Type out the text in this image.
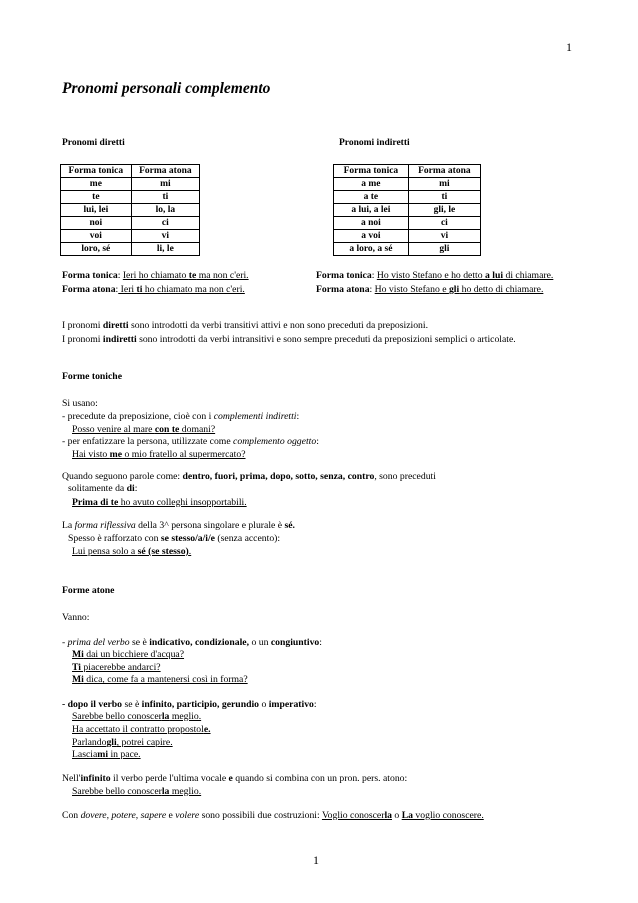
1
Pronomi personali complemento
Pronomi diretti	Pronomi indiretti
Forma tonica	Forma atona
me	mi
te	ti
lui, lei	lo, la
noi	ci
voi	vi
loro, sé	li, le
Forma tonica	Forma atona
a me	mi
a te	ti
a lui, a lei	gli, le
a noi	ci
a voi	vi
a loro, a sé	gli
Forma tonica: Ieri ho chiamato te ma non c'eri.
Forma atona: Ieri ti ho chiamato ma non c'eri.
Forma tonica: Ho visto Stefano e ho detto a lui di chiamare.
Forma atona: Ho visto Stefano e gli ho detto di chiamare.
I pronomi diretti sono introdotti da verbi transitivi attivi e non sono preceduti da preposizioni.
I pronomi indiretti sono introdotti da verbi intransitivi e sono sempre preceduti da preposizioni semplici o articolate.
Forme toniche
Si usano:
- precedute da preposizione, cioè con i complementi indiretti:
Posso venire al mare con te domani?
- per enfatizzare la persona, utilizzate come complemento oggetto:
Hai visto me o mio fratello al supermercato?
Quando seguono parole come: dentro, fuori, prima, dopo, sotto, senza, contro, sono preceduti
solitamente da di:
Prima di te ho avuto colleghi insopportabili.
La forma riflessiva della 3^ persona singolare e plurale è sé.
Spesso è rafforzato con se stesso/a/i/e (senza accento):
Lui pensa solo a sé (se stesso).
Forme atone
Vanno:
- prima del verbo se è indicativo, condizionale, o un congiuntivo:
Mi dai un bicchiere d'acqua?
Ti piacerebbe andarci?
Mi dica, come fa a mantenersi così in forma?
- dopo il verbo se è infinito, participio, gerundio o imperativo:
Sarebbe bello conoscerla meglio.
Ha accettato il contratto propostole.
Parlandogli, potrei capire.
Lasciami in pace.
Nell'infinito il verbo perde l'ultima vocale e quando si combina con un pron. pers. atono:
Sarebbe bello conoscerla meglio.
Con dovere, potere, sapere e volere sono possibili due costruzioni: Voglio conoscerla o La voglio conoscere.
1
